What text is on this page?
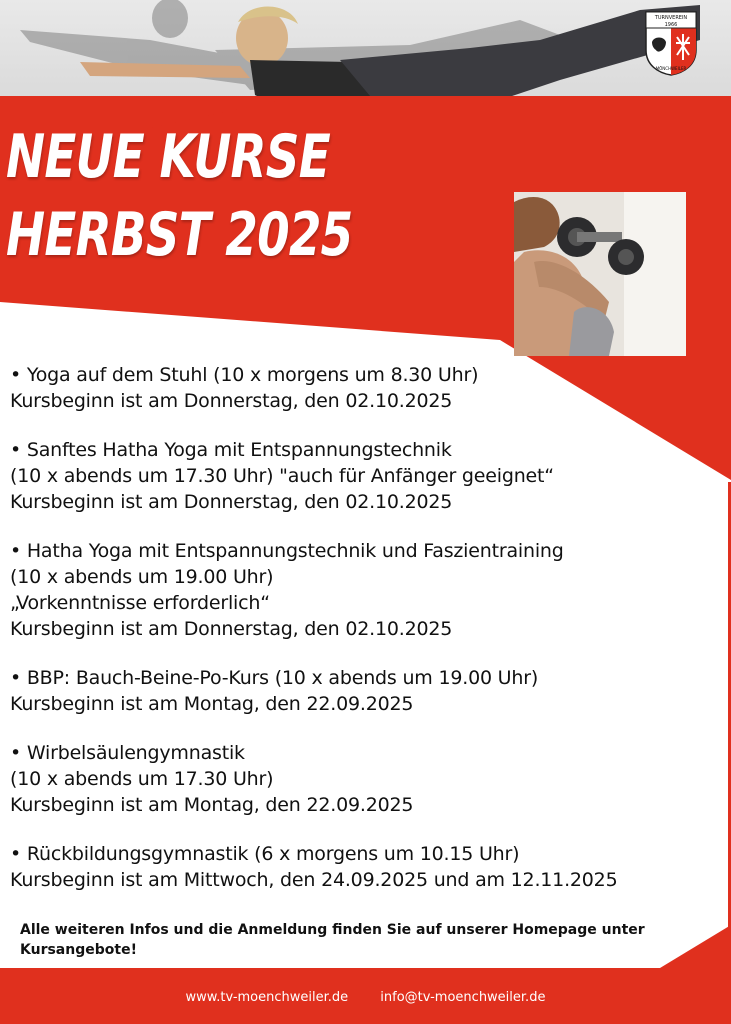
TURNVEREIN
1966
MÖNCHWEILER
NEUE KURSE
HERBST 2025

• Yoga auf dem Stuhl (10 x morgens um 8.30 Uhr)
Kursbeginn ist am Donnerstag, den 02.10.2025

• Sanftes Hatha Yoga mit Entspannungstechnik
(10 x abends um 17.30 Uhr) "auch für Anfänger geeignet“
Kursbeginn ist am Donnerstag, den 02.10.2025

• Hatha Yoga mit Entspannungstechnik und Faszientraining
(10 x abends um 19.00 Uhr)
„Vorkenntnisse erforderlich“
Kursbeginn ist am Donnerstag, den 02.10.2025

• BBP: Bauch-Beine-Po-Kurs (10 x abends um 19.00 Uhr)
Kursbeginn ist am Montag, den 22.09.2025

• Wirbelsäulengymnastik
(10 x abends um 17.30 Uhr)
Kursbeginn ist am Montag, den 22.09.2025

• Rückbildungsgymnastik (6 x morgens um 10.15 Uhr)
Kursbeginn ist am Mittwoch, den 24.09.2025 und am 12.11.2025

Alle weiteren Infos und die Anmeldung finden Sie auf unserer Homepage unter Kursangebote!
www.tv-moenchweiler.de info@tv-moenchweiler.de
